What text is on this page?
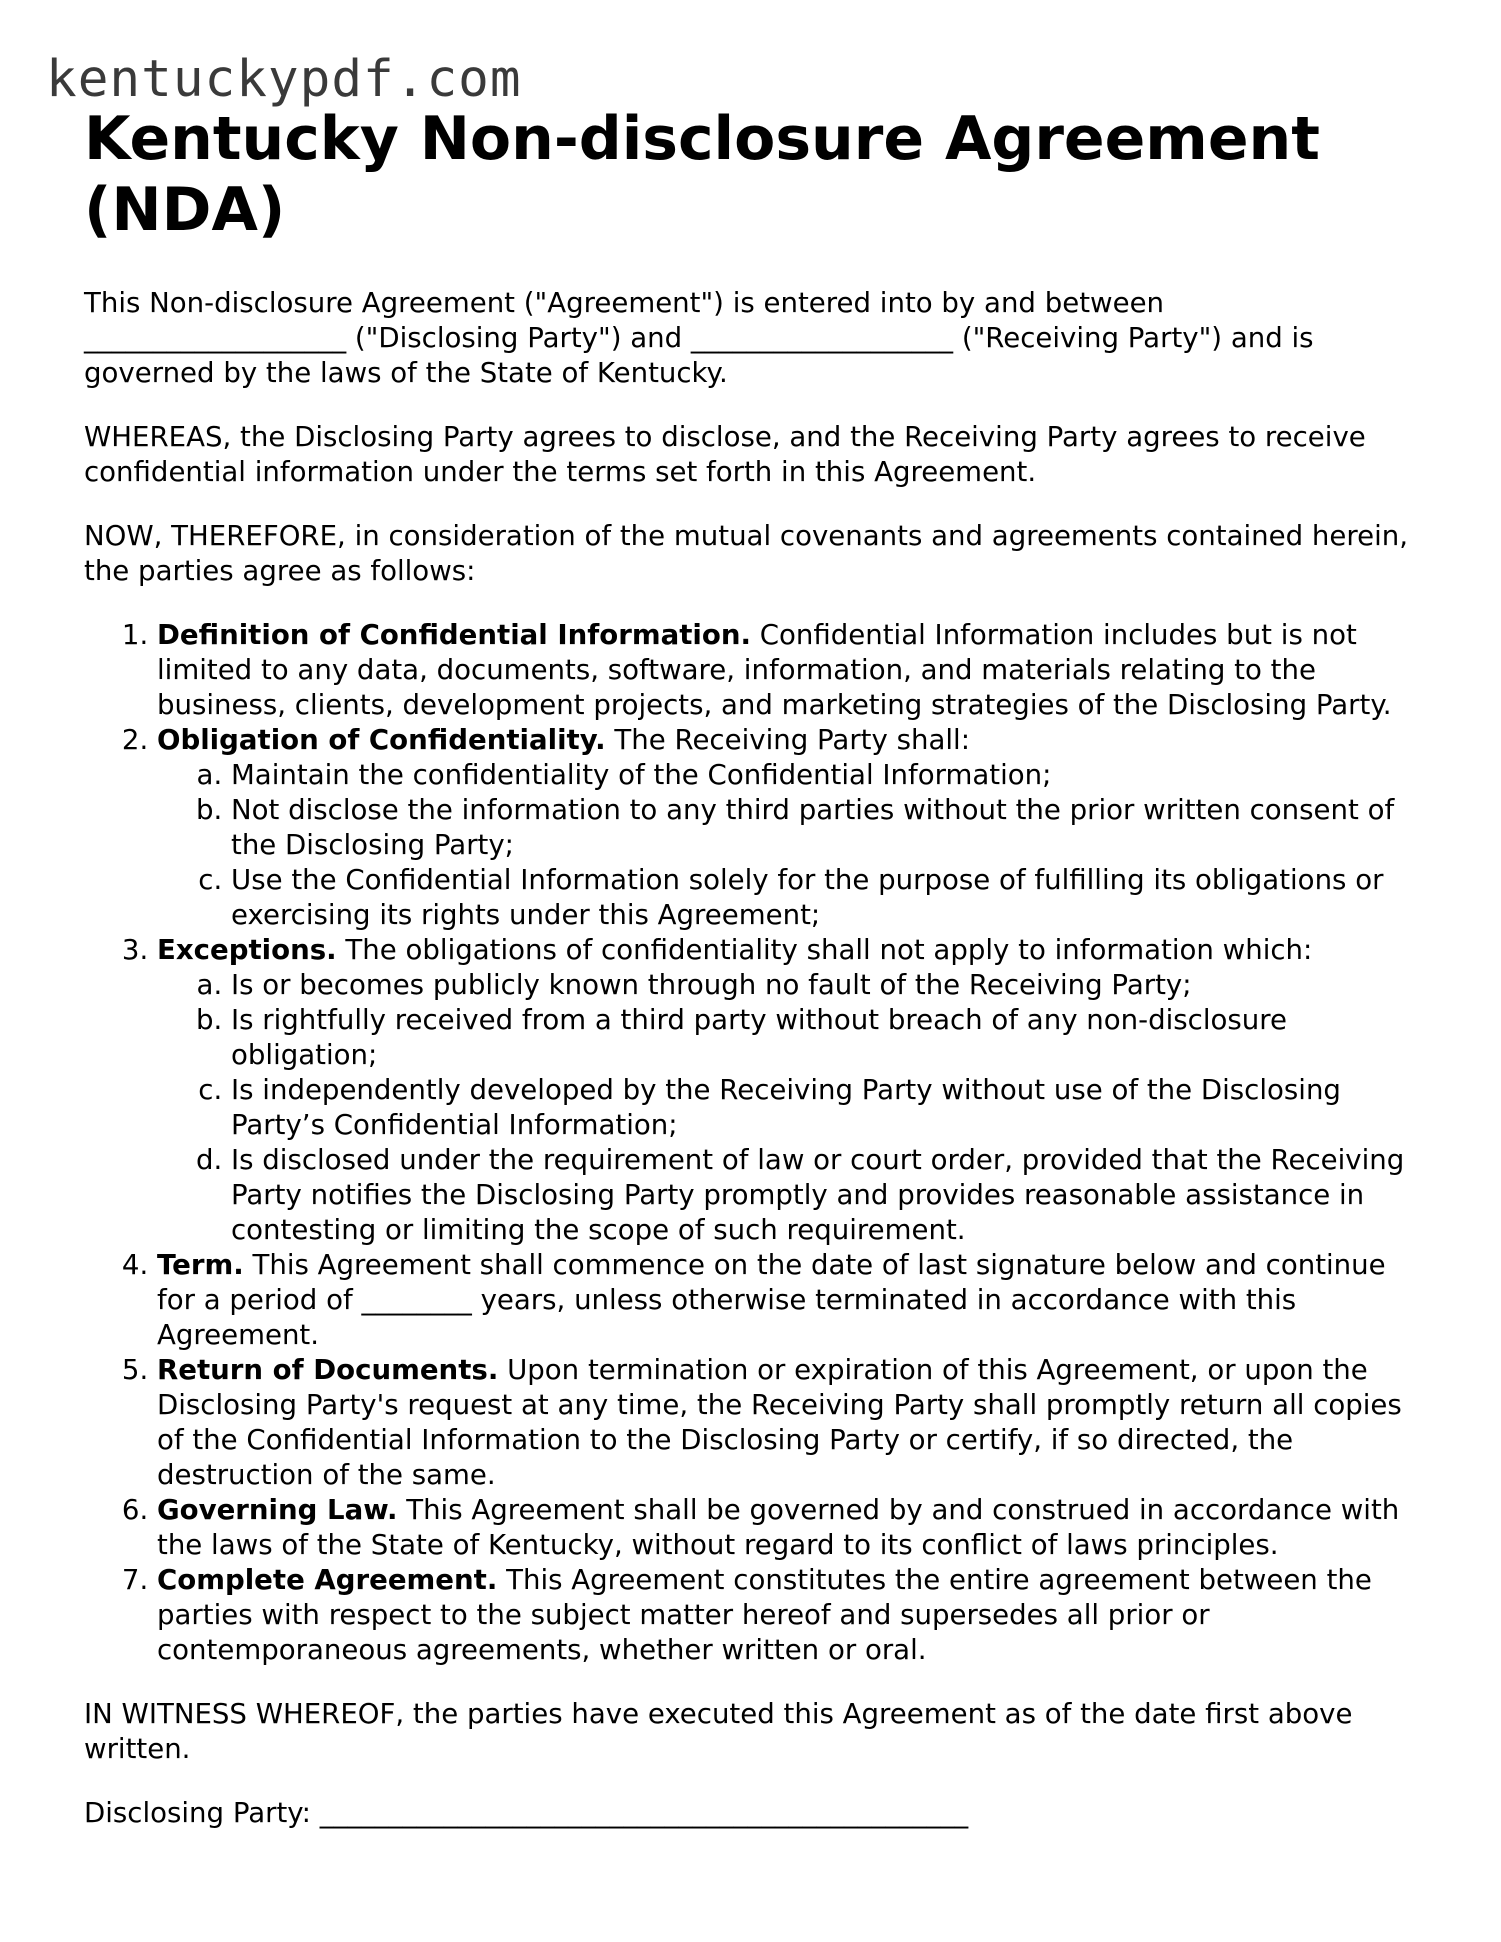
kentuckypdf.com
Kentucky Non-disclosure Agreement (NDA)

This Non-disclosure Agreement ("Agreement") is entered into by and between
___________________ ("Disclosing Party") and ___________________ ("Receiving Party") and is governed by the laws of the State of Kentucky.

WHEREAS, the Disclosing Party agrees to disclose, and the Receiving Party agrees to receive confidential information under the terms set forth in this Agreement.

NOW, THEREFORE, in consideration of the mutual covenants and agreements contained herein, the parties agree as follows:

1. Definition of Confidential Information. Confidential Information includes but is not limited to any data, documents, software, information, and materials relating to the business, clients, development projects, and marketing strategies of the Disclosing Party.
2. Obligation of Confidentiality. The Receiving Party shall:
a. Maintain the confidentiality of the Confidential Information;
b. Not disclose the information to any third parties without the prior written consent of the Disclosing Party;
c. Use the Confidential Information solely for the purpose of fulfilling its obligations or exercising its rights under this Agreement;
3. Exceptions. The obligations of confidentiality shall not apply to information which:
a. Is or becomes publicly known through no fault of the Receiving Party;
b. Is rightfully received from a third party without breach of any non-disclosure obligation;
c. Is independently developed by the Receiving Party without use of the Disclosing Party’s Confidential Information;
d. Is disclosed under the requirement of law or court order, provided that the Receiving Party notifies the Disclosing Party promptly and provides reasonable assistance in contesting or limiting the scope of such requirement.
4. Term. This Agreement shall commence on the date of last signature below and continue for a period of ________ years, unless otherwise terminated in accordance with this Agreement.
5. Return of Documents. Upon termination or expiration of this Agreement, or upon the Disclosing Party's request at any time, the Receiving Party shall promptly return all copies of the Confidential Information to the Disclosing Party or certify, if so directed, the destruction of the same.
6. Governing Law. This Agreement shall be governed by and construed in accordance with the laws of the State of Kentucky, without regard to its conflict of laws principles.
7. Complete Agreement. This Agreement constitutes the entire agreement between the parties with respect to the subject matter hereof and supersedes all prior or contemporaneous agreements, whether written or oral.

IN WITNESS WHEREOF, the parties have executed this Agreement as of the date first above written.

Disclosing Party: _______________________________________________
